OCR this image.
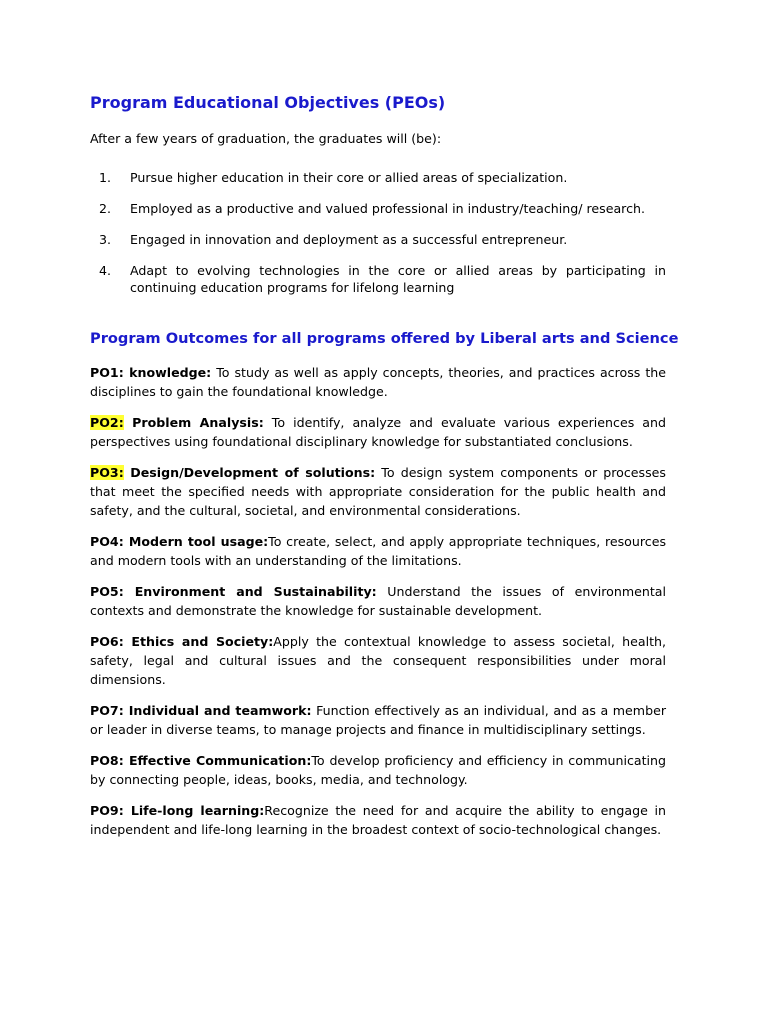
Program Educational Objectives (PEOs)

After a few years of graduation, the graduates will (be):

1.	Pursue higher education in their core or allied areas of specialization.
2.	Employed as a productive and valued professional in industry/teaching/ research.
3.	Engaged in innovation and deployment as a successful entrepreneur.
4.	Adapt to evolving technologies in the core or allied areas by participating in continuing education programs for lifelong learning
Program Outcomes for all programs offered by Liberal arts and Science

PO1: knowledge: To study as well as apply concepts, theories, and practices across the disciplines to gain the foundational knowledge.

PO2: Problem Analysis: To identify, analyze and evaluate various experiences and perspectives using foundational disciplinary knowledge for substantiated conclusions.

PO3: Design/Development of solutions: To design system components or processes that meet the specified needs with appropriate consideration for the public health and safety, and the cultural, societal, and environmental considerations.

PO4: Modern tool usage:To create, select, and apply appropriate techniques, resources and modern tools with an understanding of the limitations.

PO5: Environment and Sustainability: Understand the issues of environmental contexts and demonstrate the knowledge for sustainable development.

PO6: Ethics and Society:Apply the contextual knowledge to assess societal, health, safety, legal and cultural issues and the consequent responsibilities under moral dimensions.

PO7: Individual and teamwork: Function effectively as an individual, and as a member or leader in diverse teams, to manage projects and finance in multidisciplinary settings.

PO8: Effective Communication:To develop proficiency and efficiency in communicating by connecting people, ideas, books, media, and technology.

PO9: Life-long learning:Recognize the need for and acquire the ability to engage in independent and life-long learning in the broadest context of socio-technological changes.
